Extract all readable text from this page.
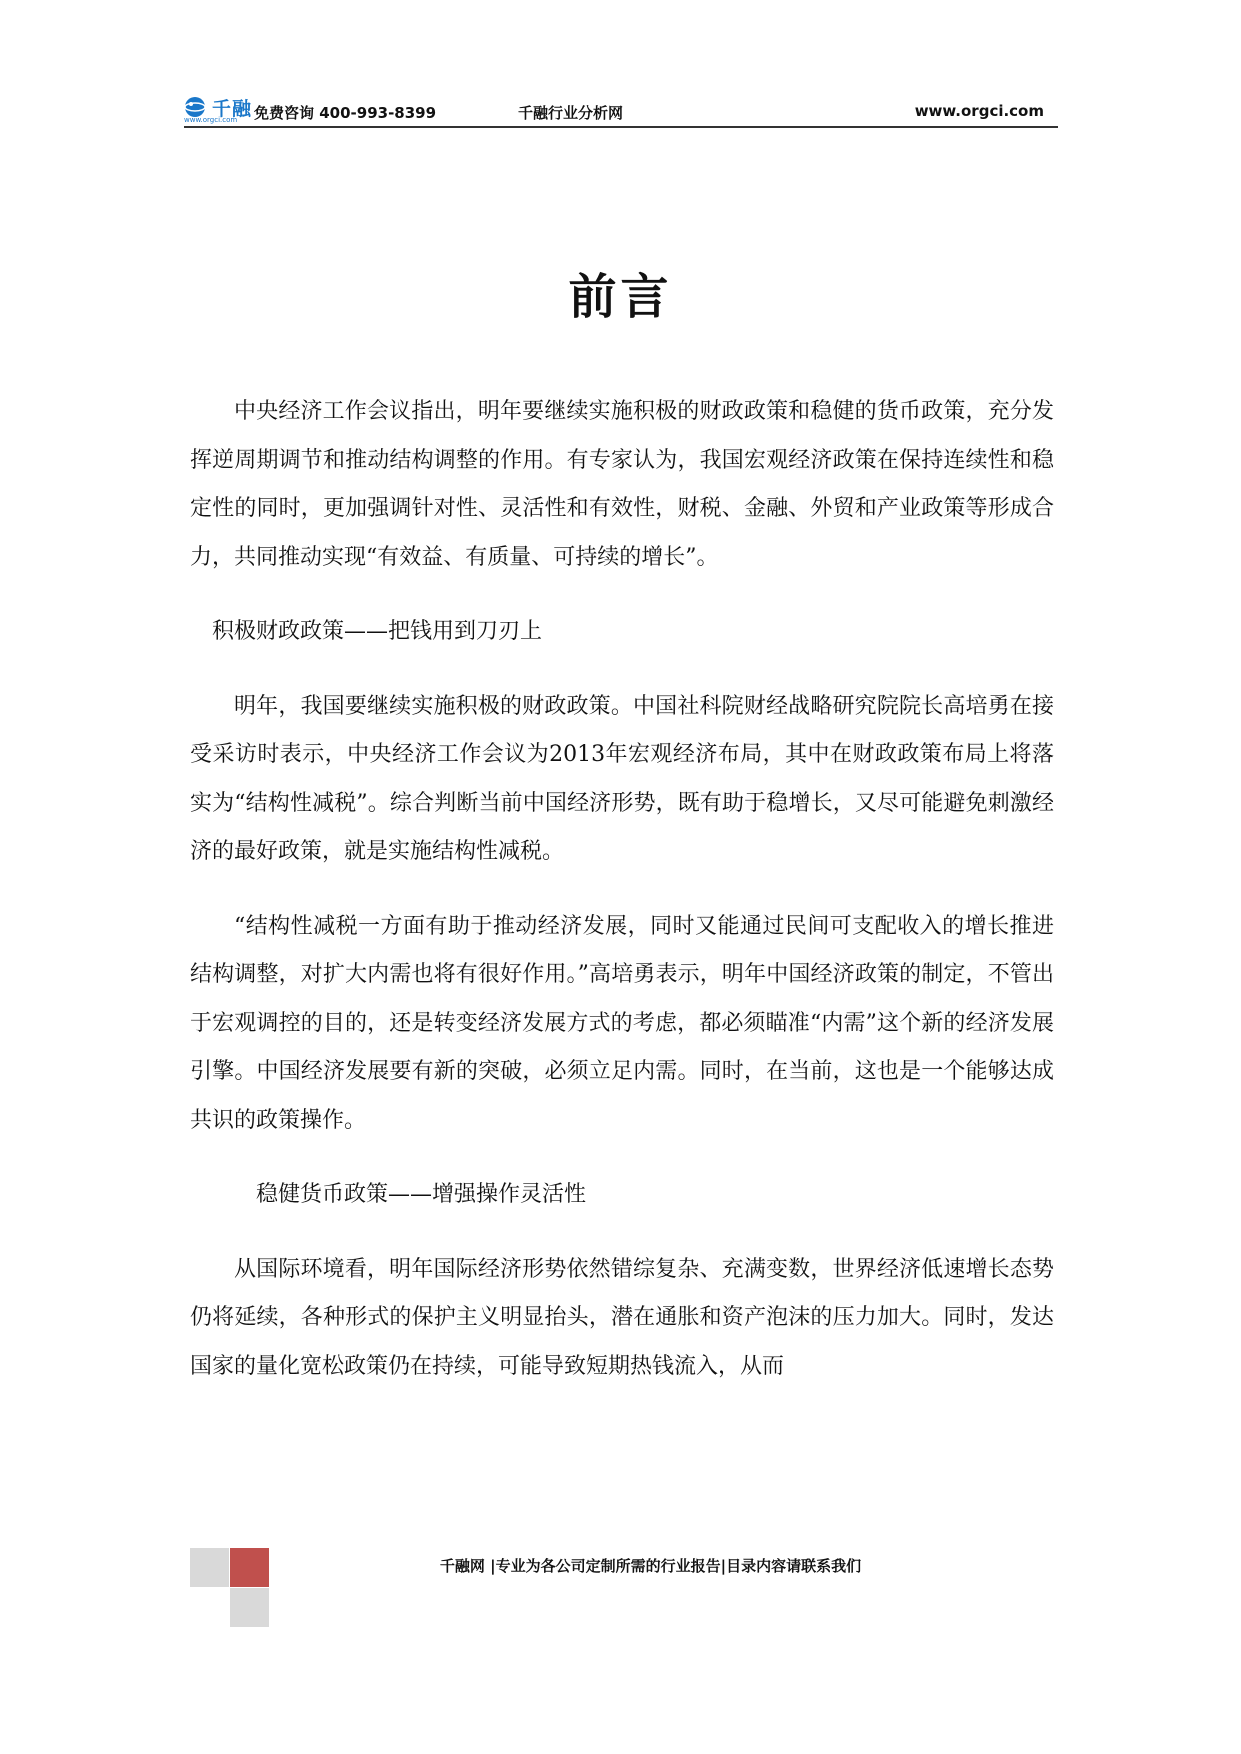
千融
www.orgci.com 免费咨询 400-993-8399	千融行业分析网	www.orgci.com
前言

中央经济工作会议指出，明年要继续实施积极的财政政策和稳健的货币政策，充分发挥逆周期调节和推动结构调整的作用。有专家认为，我国宏观经济政策在保持连续性和稳定性的同时，更加强调针对性、灵活性和有效性，财税、金融、外贸和产业政策等形成合力，共同推动实现“有效益、有质量、可持续的增长”。

积极财政政策——把钱用到刀刃上

明年，我国要继续实施积极的财政政策。中国社科院财经战略研究院院长高培勇在接受采访时表示，中央经济工作会议为2013年宏观经济布局，其中在财政政策布局上将落实为“结构性减税”。综合判断当前中国经济形势，既有助于稳增长，又尽可能避免刺激经济的最好政策，就是实施结构性减税。

“结构性减税一方面有助于推动经济发展，同时又能通过民间可支配收入的增长推进结构调整，对扩大内需也将有很好作用。”高培勇表示，明年中国经济政策的制定，不管出于宏观调控的目的，还是转变经济发展方式的考虑，都必须瞄准“内需”这个新的经济发展引擎。中国经济发展要有新的突破，必须立足内需。同时，在当前，这也是一个能够达成共识的政策操作。

稳健货币政策——增强操作灵活性

从国际环境看，明年国际经济形势依然错综复杂、充满变数，世界经济低速增长态势仍将延续，各种形式的保护主义明显抬头，潜在通胀和资产泡沫的压力加大。同时，发达国家的量化宽松政策仍在持续，可能导致短期热钱流入，从而

千融网 |专业为各公司定制所需的行业报告|目录内容请联系我们
